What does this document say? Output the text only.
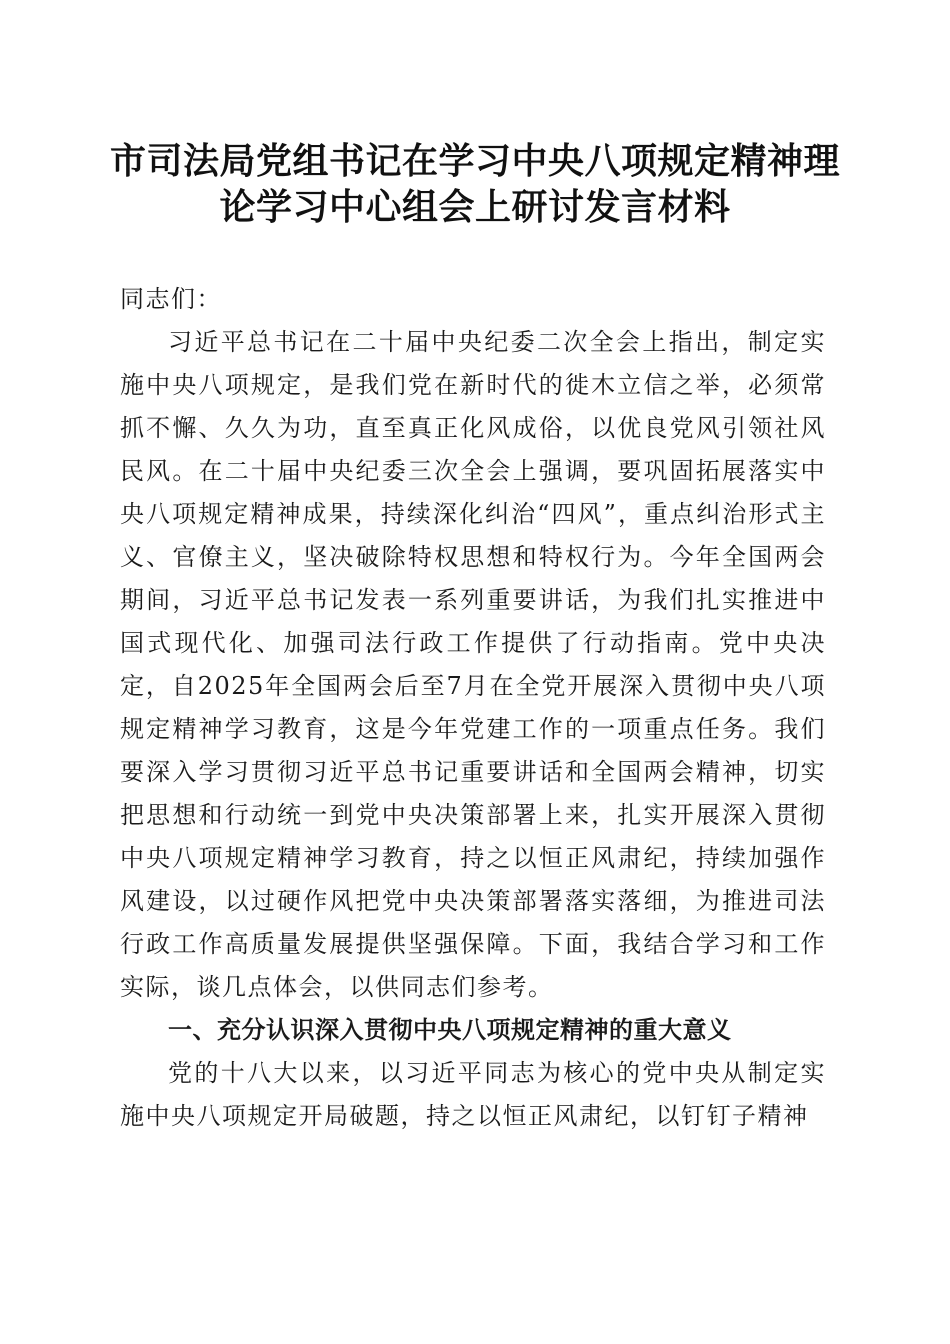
市司法局党组书记在学习中央八项规定精神理论学习中心组会上研讨发言材料

同志们：

习近平总书记在二十届中央纪委二次全会上指出，制定实施中央八项规定，是我们党在新时代的徙木立信之举，必须常抓不懈、久久为功，直至真正化风成俗，以优良党风引领社风民风。在二十届中央纪委三次全会上强调，要巩固拓展落实中央八项规定精神成果，持续深化纠治“四风”，重点纠治形式主义、官僚主义，坚决破除特权思想和特权行为。今年全国两会期间，习近平总书记发表一系列重要讲话，为我们扎实推进中国式现代化、加强司法行政工作提供了行动指南。党中央决定，自2025年全国两会后至7月在全党开展深入贯彻中央八项规定精神学习教育，这是今年党建工作的一项重点任务。我们要深入学习贯彻习近平总书记重要讲话和全国两会精神，切实把思想和行动统一到党中央决策部署上来，扎实开展深入贯彻中央八项规定精神学习教育，持之以恒正风肃纪，持续加强作风建设，以过硬作风把党中央决策部署落实落细，为推进司法行政工作高质量发展提供坚强保障。下面，我结合学习和工作实际，谈几点体会，以供同志们参考。

一、充分认识深入贯彻中央八项规定精神的重大意义

党的十八大以来，以习近平同志为核心的党中央从制定实施中央八项规定开局破题，持之以恒正风肃纪，以钉钉子精神
